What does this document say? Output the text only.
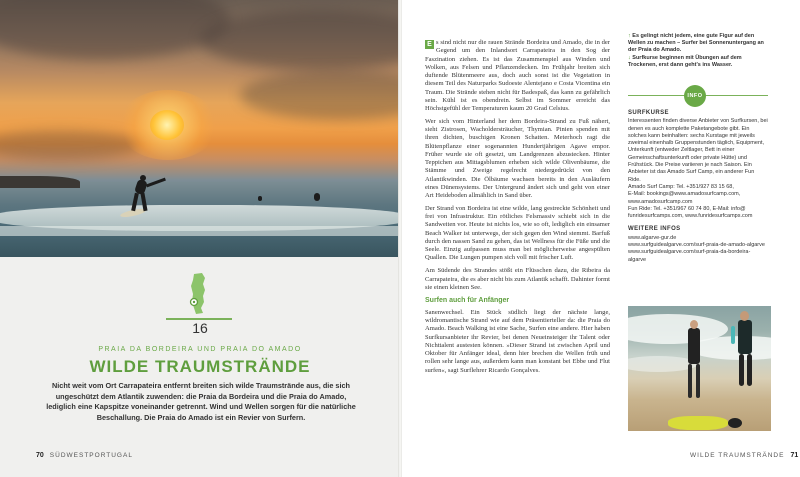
16
PRAIA DA BORDEIRA UND PRAIA DO AMADO
WILDE TRAUMSTRÄNDE
Nicht weit vom Ort Carrapateira entfernt breiten sich wilde Traumstrände aus, die sich ungeschützt dem Atlantik zuwenden: die Praia da Bordeira und die Praia do Amado, lediglich eine Kapspitze voneinander getrennt. Wind und Wellen sorgen für die natürliche Beschallung. Die Praia do Amado ist ein Revier von Surfern.
70 SÜDWESTPORTUGAL

E s sind nicht nur die rauen Strände Bordeira und Amado, die in der Gegend um den Inlandsort Carrapateira in den Sog der Faszination ziehen. Es ist das Zusammenspiel aus Winden und Wolken, aus Felsen und Pflanzendecken. Im Frühjahr breiten sich duftende Blütenmeere aus, doch auch sonst ist die Vegetation in diesem Teil des Naturparks Sudoeste Alentejano e Costa Vicentina ein Traum. Die Strände stehen nicht für Badespaß, das kann zu gefährlich sein. Kühl ist es obendrein. Selbst im Sommer erreicht das Höchstgefühl der Temperaturen kaum 20 Grad Celsius.

Wer sich vom Hinterland her dem Bordeira-Strand zu Fuß nähert, sieht Zistrosen, Wacholdersträucher, Thymian. Pinien spenden mit ihren dichten, buschigen Kronen Schatten. Meterhoch ragt die Blütenpflanze einer sogenannten Hundertjährigen Agave empor. Früher wurde sie oft gesetzt, um Landgrenzen abzustecken. Hinter Teppichen aus Mittagsblumen erheben sich wilde Olivenbäume, die Stämme und Zweige regelrecht niedergedrückt von den Atlantikwinden. Die Ölbäume wachsen bereits in den Ausläufern eines Dünensystems. Der Untergrund ändert sich und geht von einer Art Heideboden allmählich in Sand über.

Der Strand von Bordeira ist eine wilde, lang gestreckte Schönheit und frei von Infrastruktur. Ein rötliches Felsmassiv schiebt sich in die Sandweiten vor. Heute ist nichts los, wie so oft, lediglich ein einsamer Beach Walker ist unterwegs, der sich gegen den Wind stemmt. Barfuß durch den nassen Sand zu gehen, das ist Wellness für die Füße und die Seele. Einzig aufpassen muss man bei möglicherweise angespülten Quallen. Die Lungen pumpen sich voll mit frischer Luft.

Am Südende des Strandes stößt ein Flüsschen dazu, die Ribeira da Carrapateira, die es aber nicht bis zum Atlantik schafft. Dahinter formt sie einen kleinen See.

Surfen auch für Anfänger

Sanenwechsel. Ein Stück südlich liegt der nächste lange, wildromantische Strand wie auf dem Präsentierteller da: die Praia do Amado. Beach Walking ist eine Sache, Surfen eine andere. Hier haben Surfkursanbieter ihr Revier, bei denen Neueinsteiger ihr Talent oder Nichttalent austesten können. »Dieser Strand ist zwischen April und Oktober für Anfänger ideal, denn hier brechen die Wellen früh und rollen sehr lange aus, außerdem kann man konstant bei Ebbe und Flut surfen«, sagt Surflehrer Ricardo Gonçalves.

↑ Es gelingt nicht jedem, eine gute Figur auf den Wellen zu machen – Surfer bei Sonnenuntergang an der Praia do Amado.
↓ Surfkurse beginnen mit Übungen auf dem Trockenen, erst dann geht's ins Wasser.
INFO
SURFKURSE
Interessenten finden diverse Anbieter von Surfkursen, bei denen es auch komplette Paketangebote gibt. Ein solches kann beinhalten: sechs Kurstage mit jeweils zweimal einenhalb Gruppenstunden täglich, Equipment, Unterkunft (entweder Zeltlager, Bett in einer Gemeinschaftsunterkunft oder private Hütte) und Frühstück. Die Preise variieren je nach Saison. Ein Anbieter ist das Amado Surf Camp, ein anderer Fun Ride.
Amado Surf Camp: Tel. +351/927 83 15 68,
E-Mail: bookings@www.amadosurfcamp.com,
www.amadosurfcamp.com
Fun Ride: Tel. +351/967 60 74 80, E-Mail: info@
funridesurfcamps.com, www.funridesurfcamps.com
WEITERE INFOS
www.algarve-gur.de
www.surfguidealgarve.com/surf-praia-de-amado-algarve
www.surfguidealgarve.com/surf-praia-da-bordeira-algarve
WILDE TRAUMSTRÄNDE 71
